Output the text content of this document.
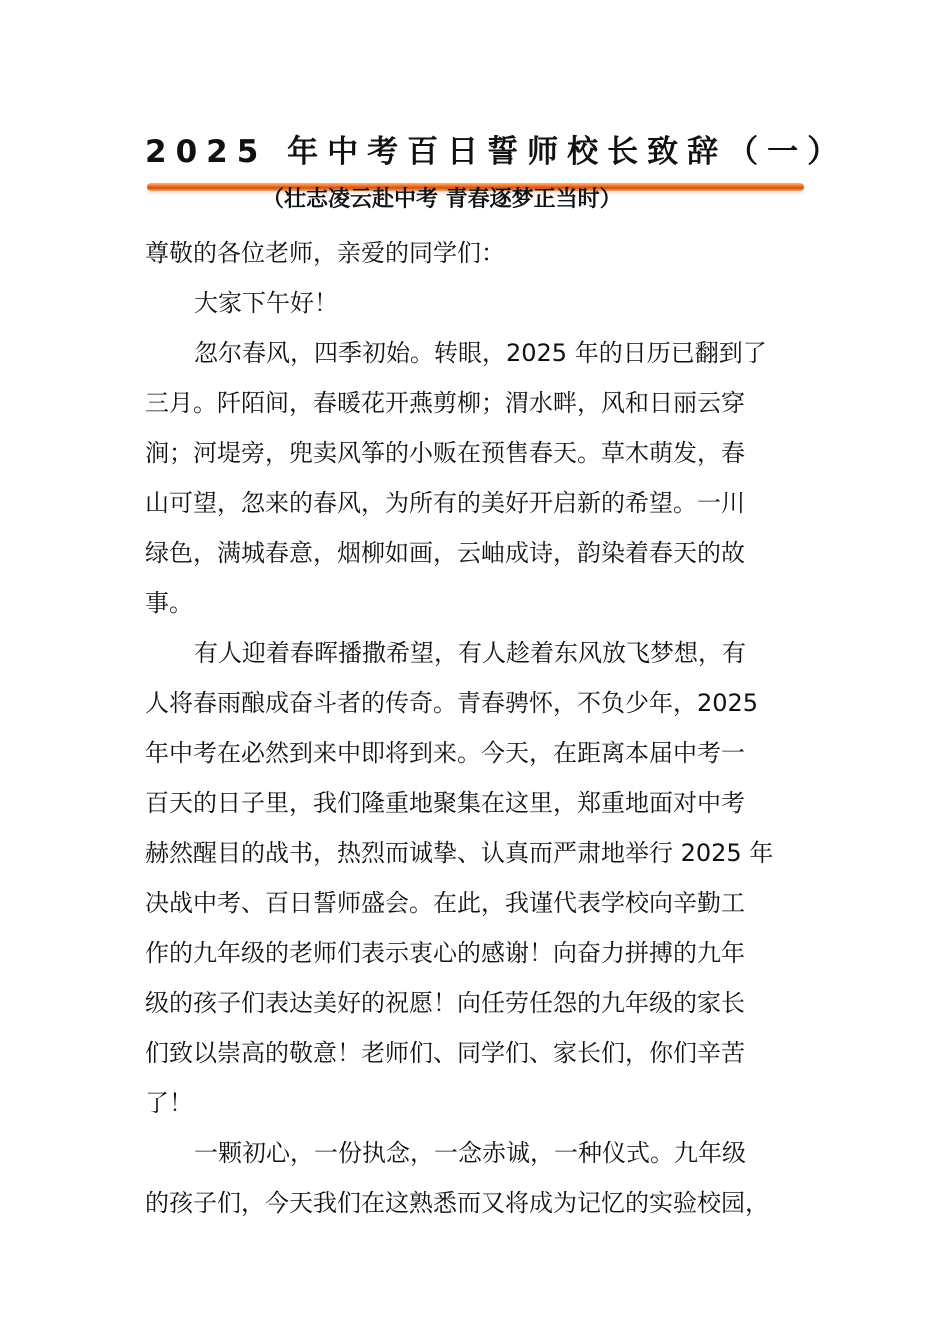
2025 年中考百日誓师校长致辞（一）
（壮志凌云赴中考 青春逐梦正当时）
尊敬的各位老师，亲爱的同学们：

大家下午好！

忽尔春风，四季初始。转眼，2025 年的日历已翻到了
三月。阡陌间，春暖花开燕剪柳；渭水畔，风和日丽云穿
涧；河堤旁，兜卖风筝的小贩在预售春天。草木萌发，春
山可望，忽来的春风，为所有的美好开启新的希望。一川
绿色，满城春意，烟柳如画，云岫成诗，韵染着春天的故
事。

有人迎着春晖播撒希望，有人趁着东风放飞梦想，有
人将春雨酿成奋斗者的传奇。青春骋怀，不负少年，2025
年中考在必然到来中即将到来。今天，在距离本届中考一
百天的日子里，我们隆重地聚集在这里，郑重地面对中考
赫然醒目的战书，热烈而诚挚、认真而严肃地举行 2025 年
决战中考、百日誓师盛会。在此，我谨代表学校向辛勤工
作的九年级的老师们表示衷心的感谢！向奋力拼搏的九年
级的孩子们表达美好的祝愿！向任劳任怨的九年级的家长
们致以崇高的敬意！老师们、同学们、家长们，你们辛苦
了！

一颗初心，一份执念，一念赤诚，一种仪式。九年级
的孩子们，今天我们在这熟悉而又将成为记忆的实验校园，
